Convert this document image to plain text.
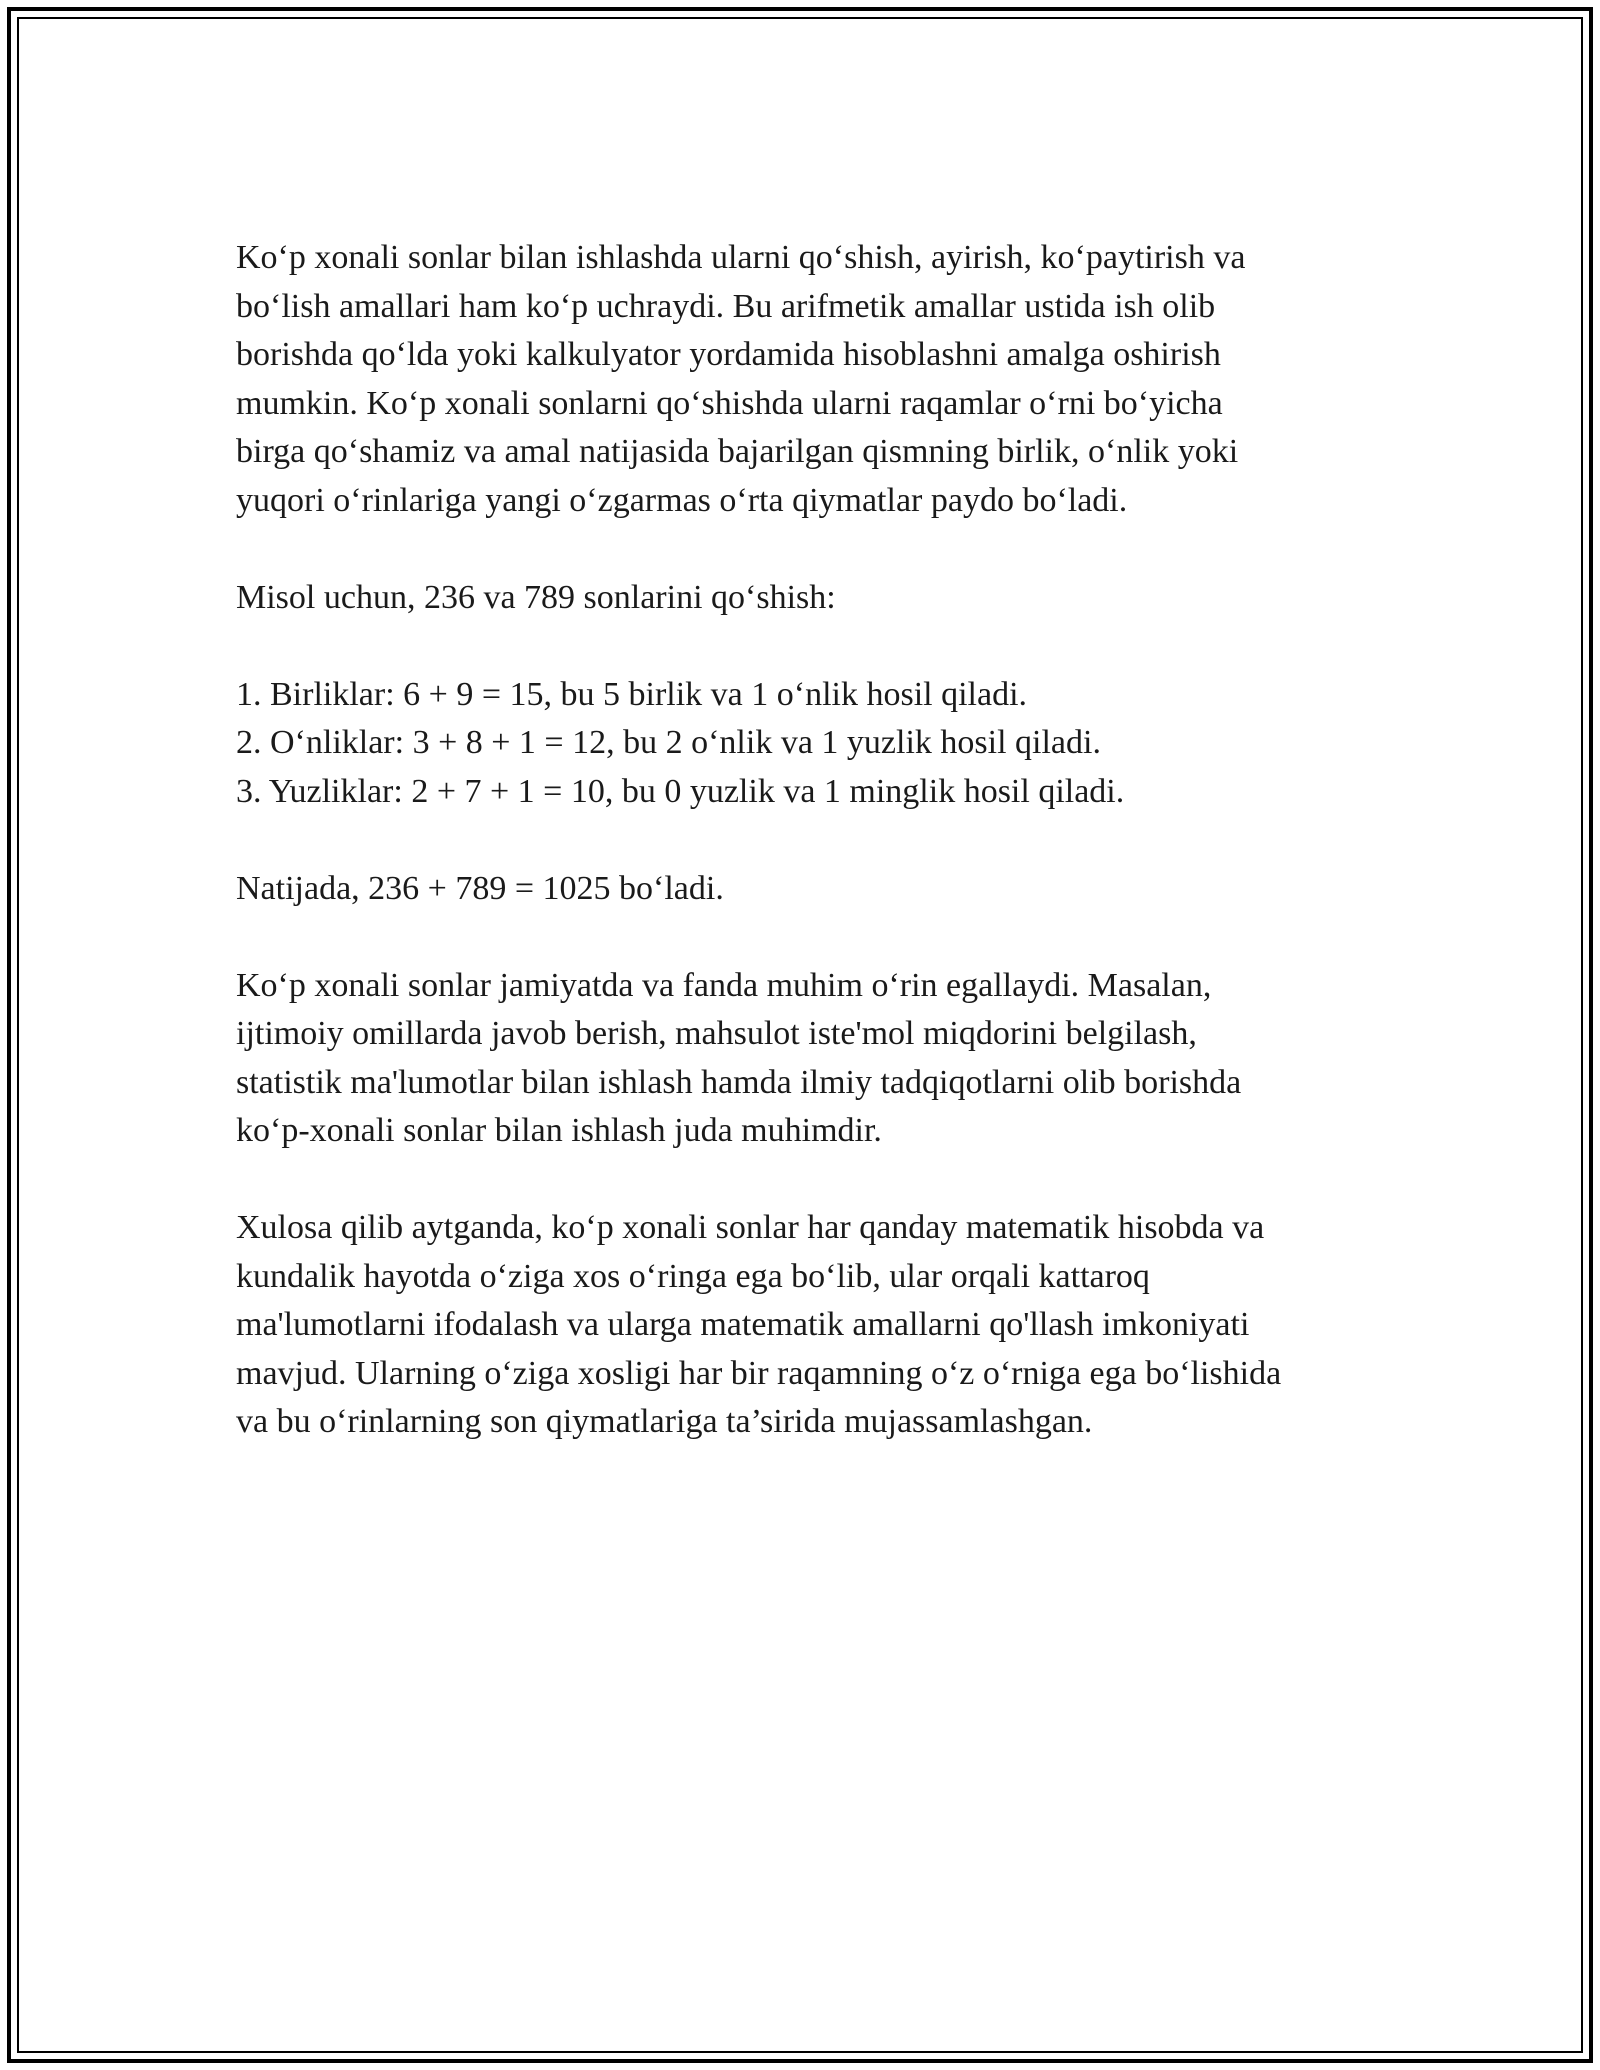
Ko‘p xonali sonlar bilan ishlashda ularni qo‘shish, ayirish, ko‘paytirish va
bo‘lish amallari ham ko‘p uchraydi. Bu arifmetik amallar ustida ish olib
borishda qo‘lda yoki kalkulyator yordamida hisoblashni amalga oshirish
mumkin. Ko‘p xonali sonlarni qo‘shishda ularni raqamlar o‘rni bo‘yicha
birga qo‘shamiz va amal natijasida bajarilgan qismning birlik, o‘nlik yoki
yuqori o‘rinlariga yangi o‘zgarmas o‘rta qiymatlar paydo bo‘ladi.

Misol uchun, 236 va 789 sonlarini qo‘shish:

1. Birliklar: 6 + 9 = 15, bu 5 birlik va 1 o‘nlik hosil qiladi.
2. O‘nliklar: 3 + 8 + 1 = 12, bu 2 o‘nlik va 1 yuzlik hosil qiladi.
3. Yuzliklar: 2 + 7 + 1 = 10, bu 0 yuzlik va 1 minglik hosil qiladi.

Natijada, 236 + 789 = 1025 bo‘ladi.

Ko‘p xonali sonlar jamiyatda va fanda muhim o‘rin egallaydi. Masalan,
ijtimoiy omillarda javob berish, mahsulot iste'mol miqdorini belgilash,
statistik ma'lumotlar bilan ishlash hamda ilmiy tadqiqotlarni olib borishda
ko‘p-xonali sonlar bilan ishlash juda muhimdir.

Xulosa qilib aytganda, ko‘p xonali sonlar har qanday matematik hisobda va
kundalik hayotda o‘ziga xos o‘ringa ega bo‘lib, ular orqali kattaroq
ma'lumotlarni ifodalash va ularga matematik amallarni qo'llash imkoniyati
mavjud. Ularning o‘ziga xosligi har bir raqamning o‘z o‘rniga ega bo‘lishida
va bu o‘rinlarning son qiymatlariga ta’sirida mujassamlashgan.
